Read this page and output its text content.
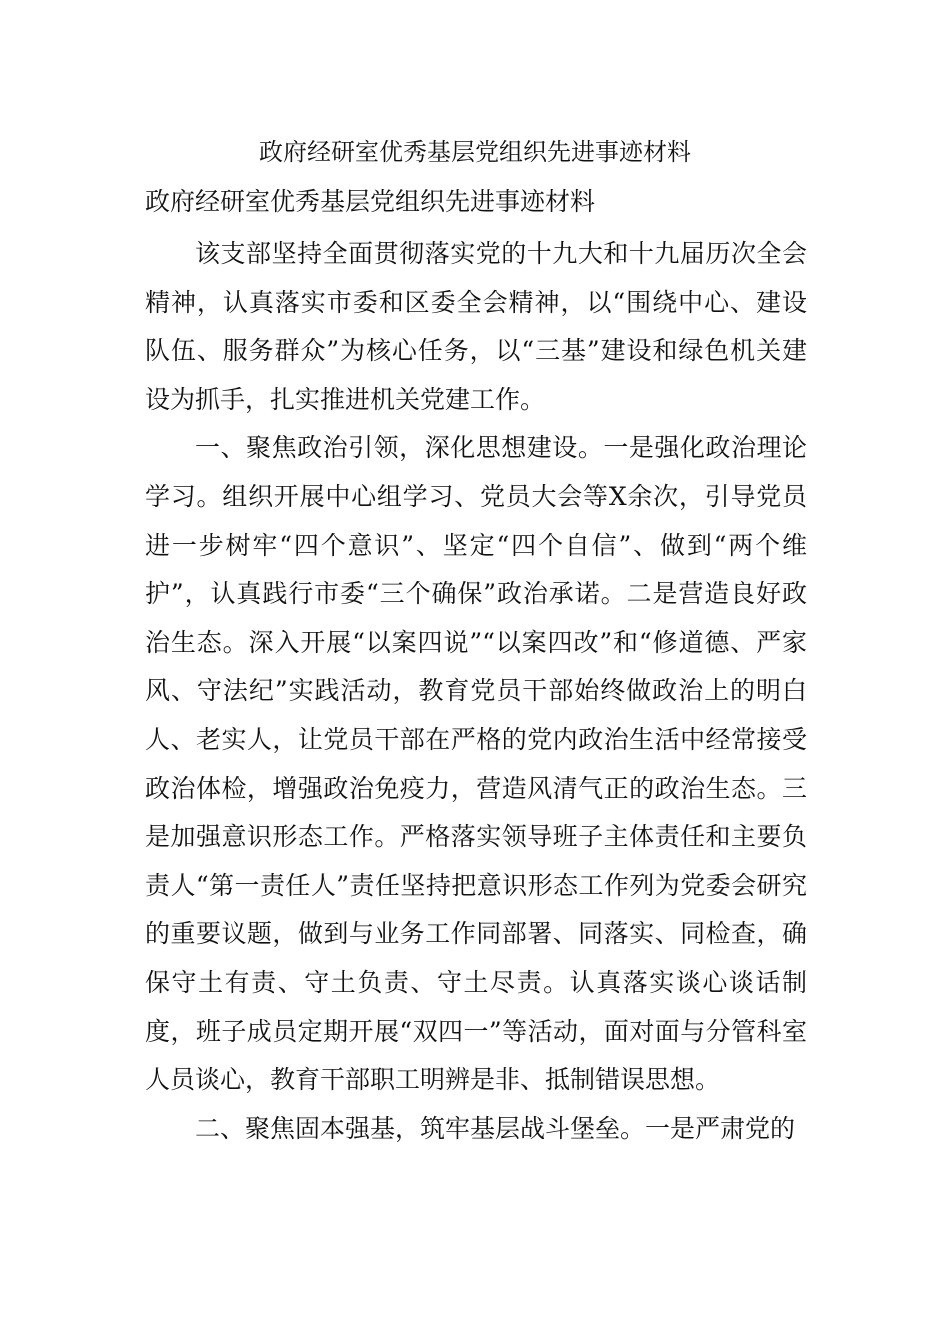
政府经研室优秀基层党组织先进事迹材料
政府经研室优秀基层党组织先进事迹材料

该支部坚持全面贯彻落实党的十九大和十九届历次全会精神，认真落实市委和区委全会精神，以“围绕中心、建设队伍、服务群众”为核心任务，以“三基”建设和绿色机关建设为抓手，扎实推进机关党建工作。

一、聚焦政治引领，深化思想建设。一是强化政治理论学习。组织开展中心组学习、党员大会等X余次，引导党员进一步树牢“四个意识”、坚定“四个自信”、做到“两个维护”，认真践行市委“三个确保”政治承诺。二是营造良好政治生态。深入开展“以案四说”“以案四改”和“修道德、严家风、守法纪”实践活动，教育党员干部始终做政治上的明白人、老实人，让党员干部在严格的党内政治生活中经常接受政治体检，增强政治免疫力，营造风清气正的政治生态。三是加强意识形态工作。严格落实领导班子主体责任和主要负责人“第一责任人”责任坚持把意识形态工作列为党委会研究的重要议题，做到与业务工作同部署、同落实、同检查，确保守土有责、守土负责、守土尽责。认真落实谈心谈话制度，班子成员定期开展“双四一”等活动，面对面与分管科室人员谈心，教育干部职工明辨是非、抵制错误思想。

二、聚焦固本强基，筑牢基层战斗堡垒。一是严肃党的
